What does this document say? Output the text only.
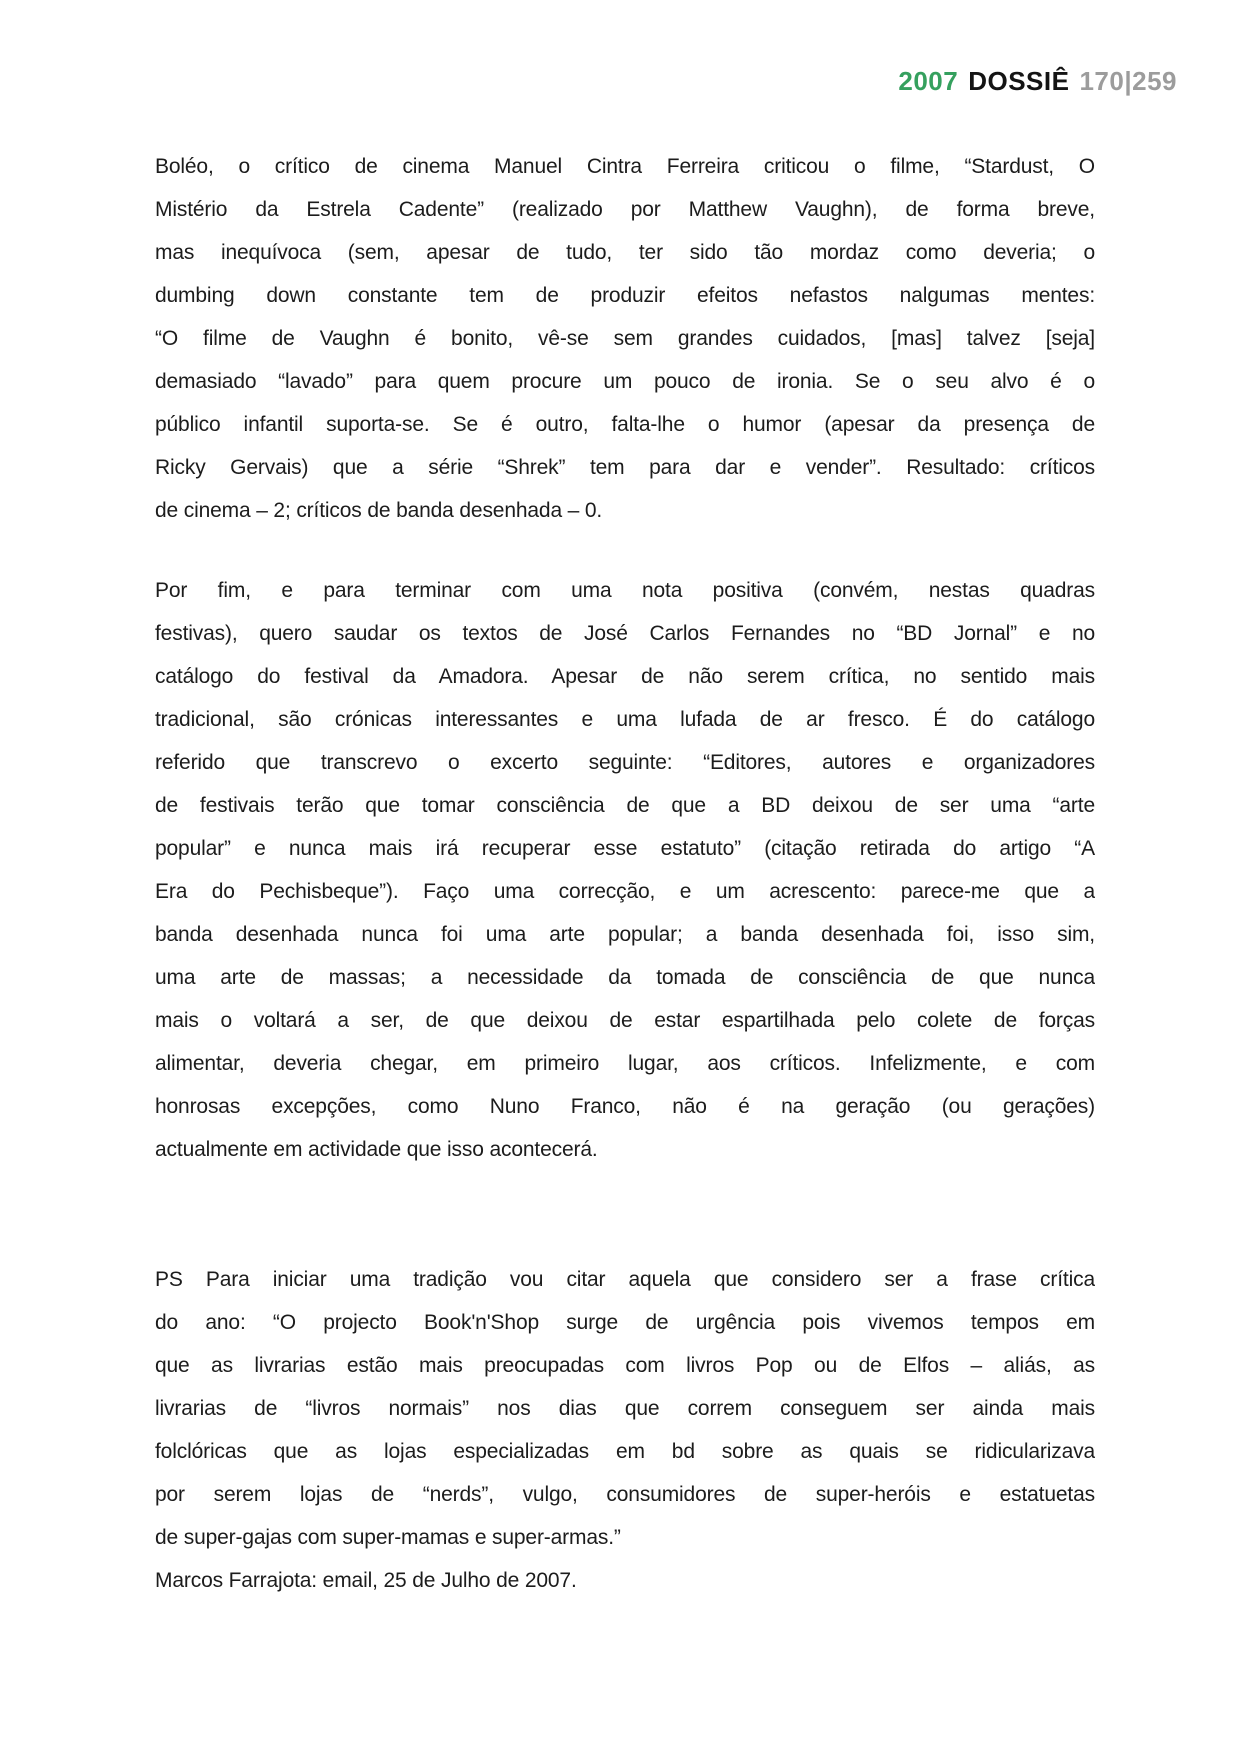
2007 DOSSIÊ 170|259
Boléo, o crítico de cinema Manuel Cintra Ferreira criticou o filme, “Stardust, O
Mistério da Estrela Cadente” (realizado por Matthew Vaughn), de forma breve,
mas inequívoca (sem, apesar de tudo, ter sido tão mordaz como deveria; o
dumbing down constante tem de produzir efeitos nefastos nalgumas mentes:
“O filme de Vaughn é bonito, vê-se sem grandes cuidados, [mas] talvez [seja]
demasiado “lavado” para quem procure um pouco de ironia. Se o seu alvo é o
público infantil suporta-se. Se é outro, falta-lhe o humor (apesar da presença de
Ricky Gervais) que a série “Shrek” tem para dar e vender”. Resultado: críticos
de cinema – 2; críticos de banda desenhada – 0.
Por fim, e para terminar com uma nota positiva (convém, nestas quadras
festivas), quero saudar os textos de José Carlos Fernandes no “BD Jornal” e no
catálogo do festival da Amadora. Apesar de não serem crítica, no sentido mais
tradicional, são crónicas interessantes e uma lufada de ar fresco. É do catálogo
referido que transcrevo o excerto seguinte: “Editores, autores e organizadores
de festivais terão que tomar consciência de que a BD deixou de ser uma “arte
popular” e nunca mais irá recuperar esse estatuto” (citação retirada do artigo “A
Era do Pechisbeque”). Faço uma correcção, e um acrescento: parece-me que a
banda desenhada nunca foi uma arte popular; a banda desenhada foi, isso sim,
uma arte de massas; a necessidade da tomada de consciência de que nunca
mais o voltará a ser, de que deixou de estar espartilhada pelo colete de forças
alimentar, deveria chegar, em primeiro lugar, aos críticos. Infelizmente, e com
honrosas excepções, como Nuno Franco, não é na geração (ou gerações)
actualmente em actividade que isso acontecerá.
PS Para iniciar uma tradição vou citar aquela que considero ser a frase crítica
do ano: “O projecto Book'n'Shop surge de urgência pois vivemos tempos em
que as livrarias estão mais preocupadas com livros Pop ou de Elfos – aliás, as
livrarias de “livros normais” nos dias que correm conseguem ser ainda mais
folclóricas que as lojas especializadas em bd sobre as quais se ridicularizava
por serem lojas de “nerds”, vulgo, consumidores de super-heróis e estatuetas
de super-gajas com super-mamas e super-armas.”
Marcos Farrajota: email, 25 de Julho de 2007.
